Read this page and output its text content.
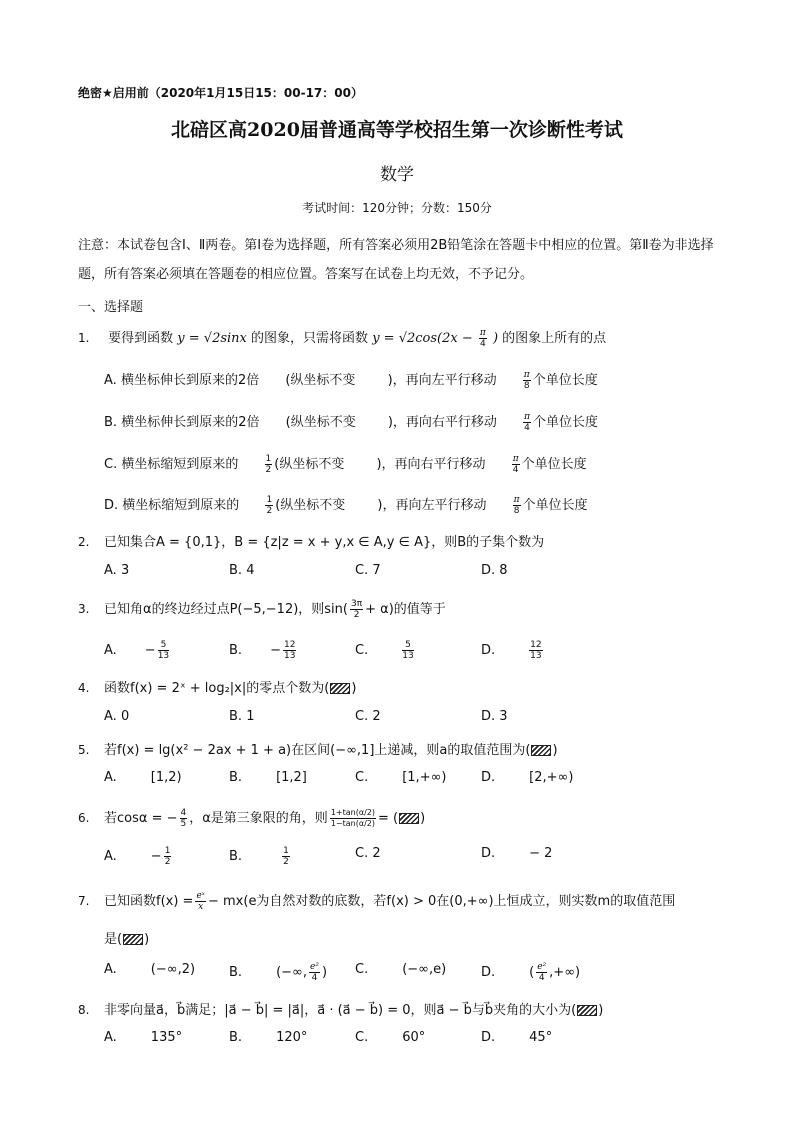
绝密★启用前（2020年1月15日15：00-17：00）
北碚区高2020届普通高等学校招生第一次诊断性考试
数学
考试时间：120分钟；分数：150分
注意：本试卷包含Ⅰ、Ⅱ两卷。第Ⅰ卷为选择题，所有答案必须用2B铅笔涂在答题卡中相应的位置。第Ⅱ卷为非选择题，所有答案必须填在答题卷的相应位置。答案写在试卷上均无效，不予记分。
一、选择题
1. 要得到函数 y = √2sinx 的图象，只需将函数 $y = √2\cos(2x - \frac{\pi}{4}$ ) 的图象上所有的点
A. 横坐标伸长到原来的2倍 (纵坐标不变 )，再向左平行移动	$\frac{\pi}{8}$ 个单位长度
B. 横坐标伸长到原来的2倍 (纵坐标不变 )，再向右平行移动	$\frac{\pi}{4}$ 个单位长度
C. 横坐标缩短到原来的	$\frac{1}{2}$ (纵坐标不变 )，再向右平行移动	$\frac{\pi}{4}$ 个单位长度
D. 横坐标缩短到原来的	$\frac{1}{2}$ (纵坐标不变 )，再向左平行移动	$\frac{\pi}{8}$ 个单位长度
2. 已知集合A = {0,1}，B = {z|z = x + y,x ∈ A,y ∈ A}，则B的子集个数为
A. 3	B. 4	C. 7	D. 8
3. 已知角α的终边经过点P(−5,−12)，则$\sin( \frac{3\pi}{2} + \alpha)$的值等于
A. − $\frac{5}{13}$	B. − $\frac{12}{13}$	C.	$\frac{5}{13}$	D.	$\frac{12}{13}$
4. 函数f(x) = 2ˣ + log₂|x|的零点个数为( )
A. 0	B. 1	C. 2	D. 3
5. 若f(x) = lg(x² − 2ax + 1 + a)在区间(−∞,1]上递减，则a的取值范围为( )
A.	[1,2)	B.	[1,2]	C.	[1,+∞)	D.	[2,+∞)
6. 若cosα = − $\frac{4}{5}$ ，α是第三象限的角，则 $\frac{1+\tan(\alpha/2)}{1-\tan(\alpha/2)}$ = ( )
A.	− $\frac{1}{2}$	B.	$\frac{1}{2}$	C. 2	D.	− 2
7. 已知函数$f(x) = \frac{\text{eˣ}}{x} - mx(e$为自然对数的底数，若f(x) > 0在(0,+∞)上恒成立，则实数m的取值范围
是( )
A.	(−∞,2)	B.	(−∞, $\frac{\text{e²}}{4}$ ) C.	(−∞,e)	D.	( $\frac{\text{e²}}{4}$ ,+∞)
8. 非零向量a⃗，b⃗满足；|a⃗ − b⃗| = |a⃗|，a⃗ · (a⃗ − b⃗) = 0，则a⃗ − b⃗与b⃗夹角的大小为( )
A.	135°	B.	120°	C.	60°	D.	45°
